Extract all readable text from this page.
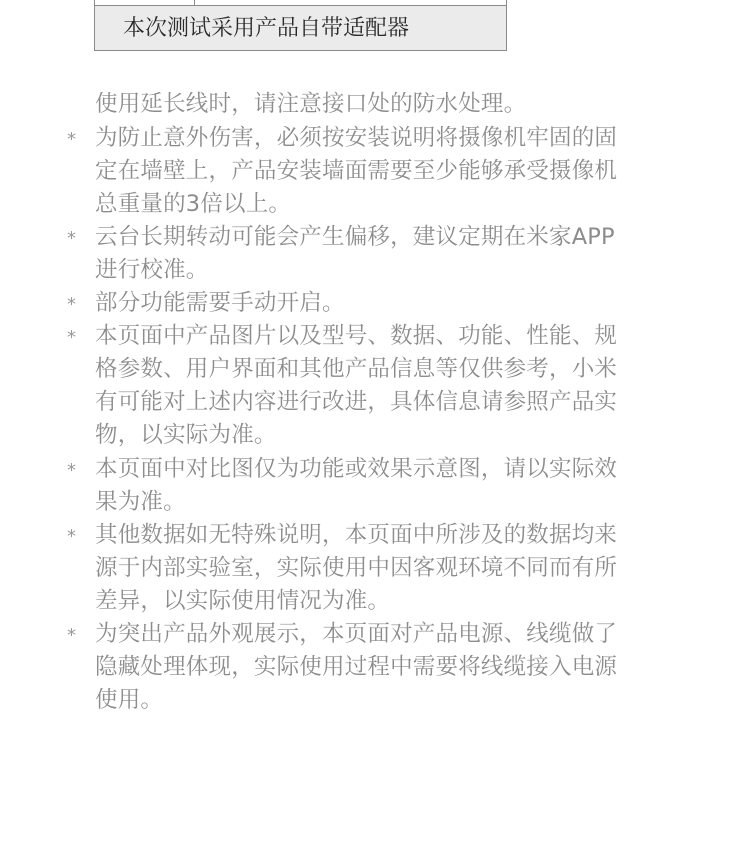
本次测试采用产品自带适配器
使用延长线时，请注意接口处的防水处理。
* 为防止意外伤害，必须按安装说明将摄像机牢固的固
定在墙壁上，产品安装墙面需要至少能够承受摄像机
总重量的3倍以上。
* 云台长期转动可能会产生偏移，建议定期在米家APP
进行校准。
* 部分功能需要手动开启。
* 本页面中产品图片以及型号、数据、功能、性能、规
格参数、用户界面和其他产品信息等仅供参考，小米
有可能对上述内容进行改进，具体信息请参照产品实
物，以实际为准。
* 本页面中对比图仅为功能或效果示意图，请以实际效
果为准。
* 其他数据如无特殊说明，本页面中所涉及的数据均来
源于内部实验室，实际使用中因客观环境不同而有所
差异，以实际使用情况为准。
* 为突出产品外观展示，本页面对产品电源、线缆做了
隐藏处理体现，实际使用过程中需要将线缆接入电源
使用。
